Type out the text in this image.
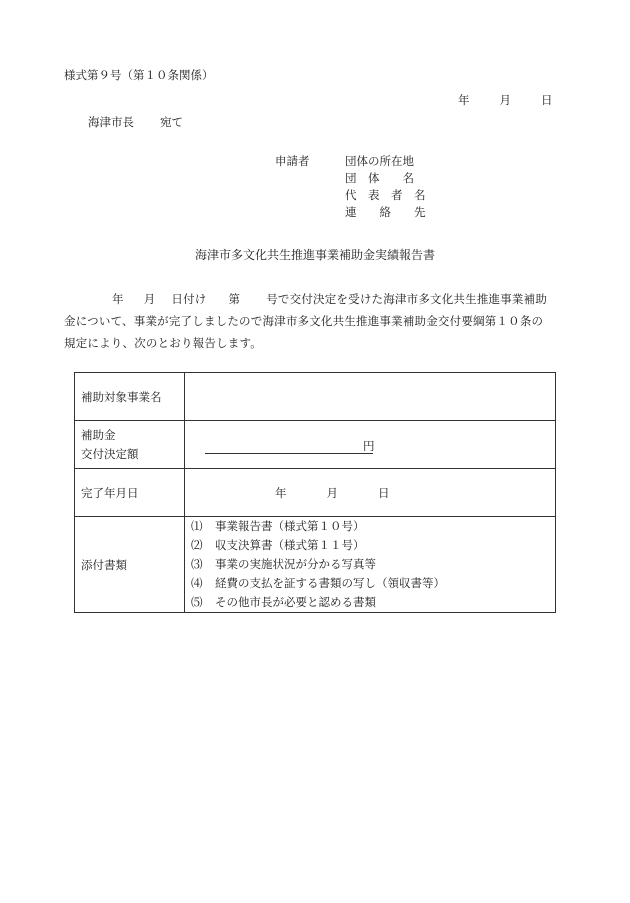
様式第９号（第１０条関係）
年	月	日
海津市長 宛て
申請者	団体の所在地
団　体　　名
代　表　者　名
連　　絡　　先
海津市多文化共生推進事業補助金実績報告書

年 月 日付け 第 号で交付決定を受けた海津市多文化共生推進事業補助

金について、事業が完了しましたので海津市多文化共生推進事業補助金交付要綱第１０条の

規定により、次のとおり報告します。

補助対象事業名	

補助金
交付決定額	円

完了年月日	年 月 日
添付書類	⑴ 事業報告書（様式第１０号）
⑵ 収支決算書（様式第１１号）
⑶ 事業の実施状況が分かる写真等
⑷ 経費の支払を証する書類の写し（領収書等）
⑸ その他市長が必要と認める書類
